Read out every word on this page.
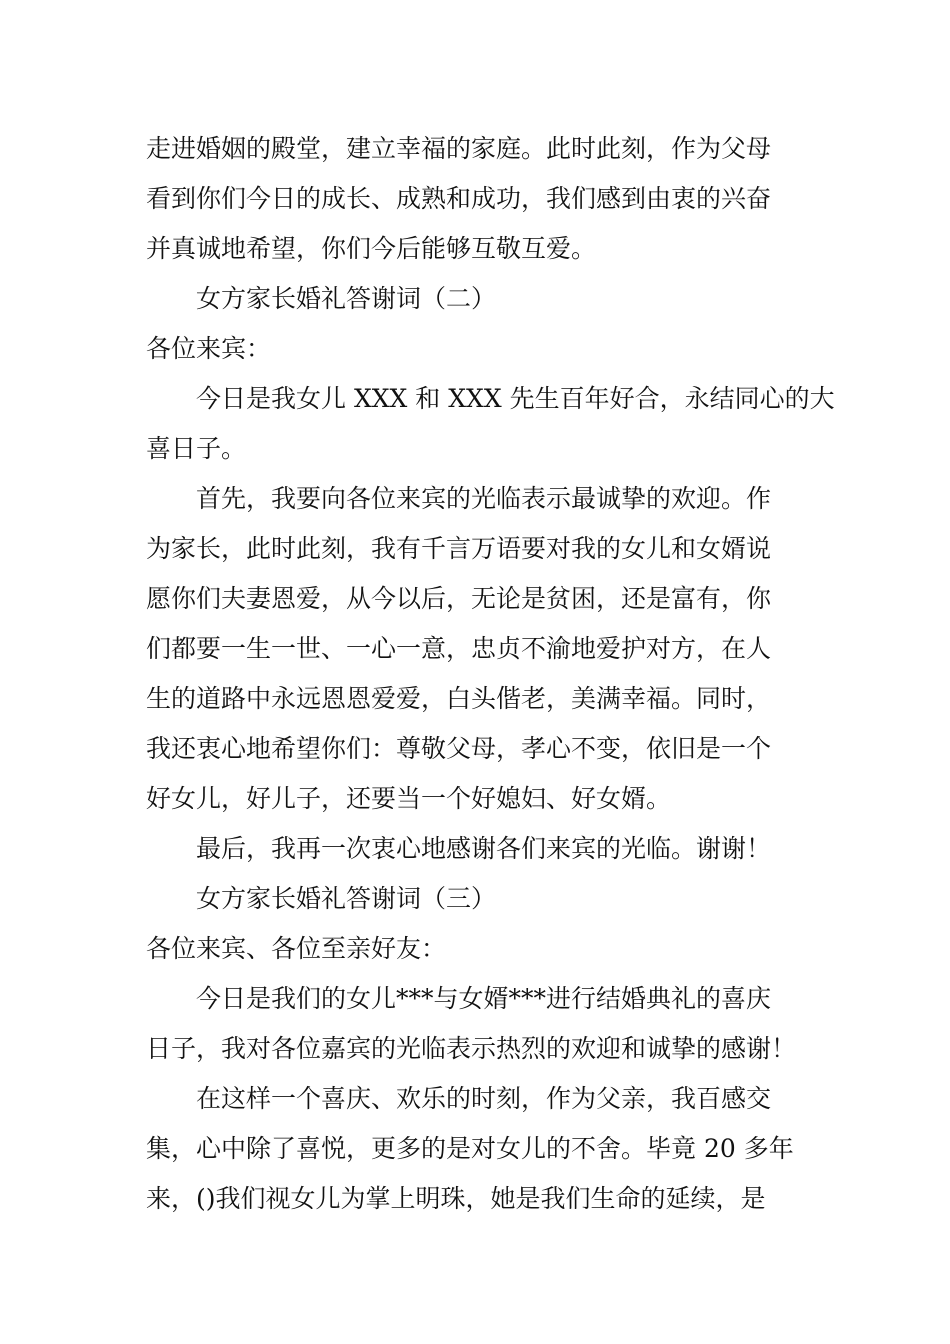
走进婚姻的殿堂，建立幸福的家庭。此时此刻，作为父母
看到你们今日的成长、成熟和成功，我们感到由衷的兴奋
并真诚地希望，你们今后能够互敬互爱。
女方家长婚礼答谢词（二）
各位来宾：
今日是我女儿 XXX 和 XXX 先生百年好合，永结同心的大
喜日子。
首先，我要向各位来宾的光临表示最诚挚的欢迎。作
为家长，此时此刻，我有千言万语要对我的女儿和女婿说
愿你们夫妻恩爱，从今以后，无论是贫困，还是富有，你
们都要一生一世、一心一意，忠贞不渝地爱护对方，在人
生的道路中永远恩恩爱爱，白头偕老，美满幸福。同时，
我还衷心地希望你们：尊敬父母，孝心不变，依旧是一个
好女儿，好儿子，还要当一个好媳妇、好女婿。
最后，我再一次衷心地感谢各们来宾的光临。谢谢！
女方家长婚礼答谢词（三）
各位来宾、各位至亲好友：
今日是我们的女儿***与女婿***进行结婚典礼的喜庆
日子，我对各位嘉宾的光临表示热烈的欢迎和诚挚的感谢！
在这样一个喜庆、欢乐的时刻，作为父亲，我百感交
集，心中除了喜悦，更多的是对女儿的不舍。毕竟 20 多年
来，()我们视女儿为掌上明珠，她是我们生命的延续，是
